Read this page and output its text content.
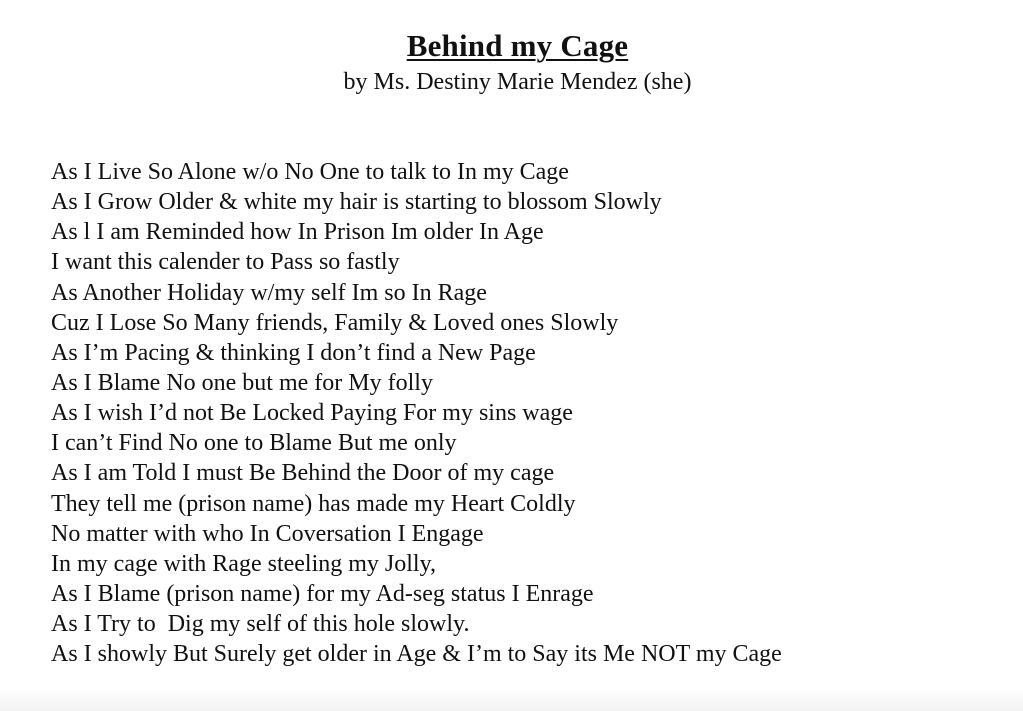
Behind my Cage
by Ms. Destiny Marie Mendez (she)
As I Live So Alone w/o No One to talk to In my Cage
As I Grow Older & white my hair is starting to blossom Slowly
As l I am Reminded how In Prison Im older In Age
I want this calender to Pass so fastly
As Another Holiday w/my self Im so In Rage
Cuz I Lose So Many friends, Family & Loved ones Slowly
As I’m Pacing & thinking I don’t find a New Page
As I Blame No one but me for My folly
As I wish I’d not Be Locked Paying For my sins wage
I can’t Find No one to Blame But me only
As I am Told I must Be Behind the Door of my cage
They tell me (prison name) has made my Heart Coldly
No matter with who In Coversation I Engage
In my cage with Rage steeling my Jolly,
As I Blame (prison name) for my Ad-seg status I Enrage
As I Try to  Dig my self of this hole slowly.
As I showly But Surely get older in Age & I’m to Say its Me NOT my Cage
